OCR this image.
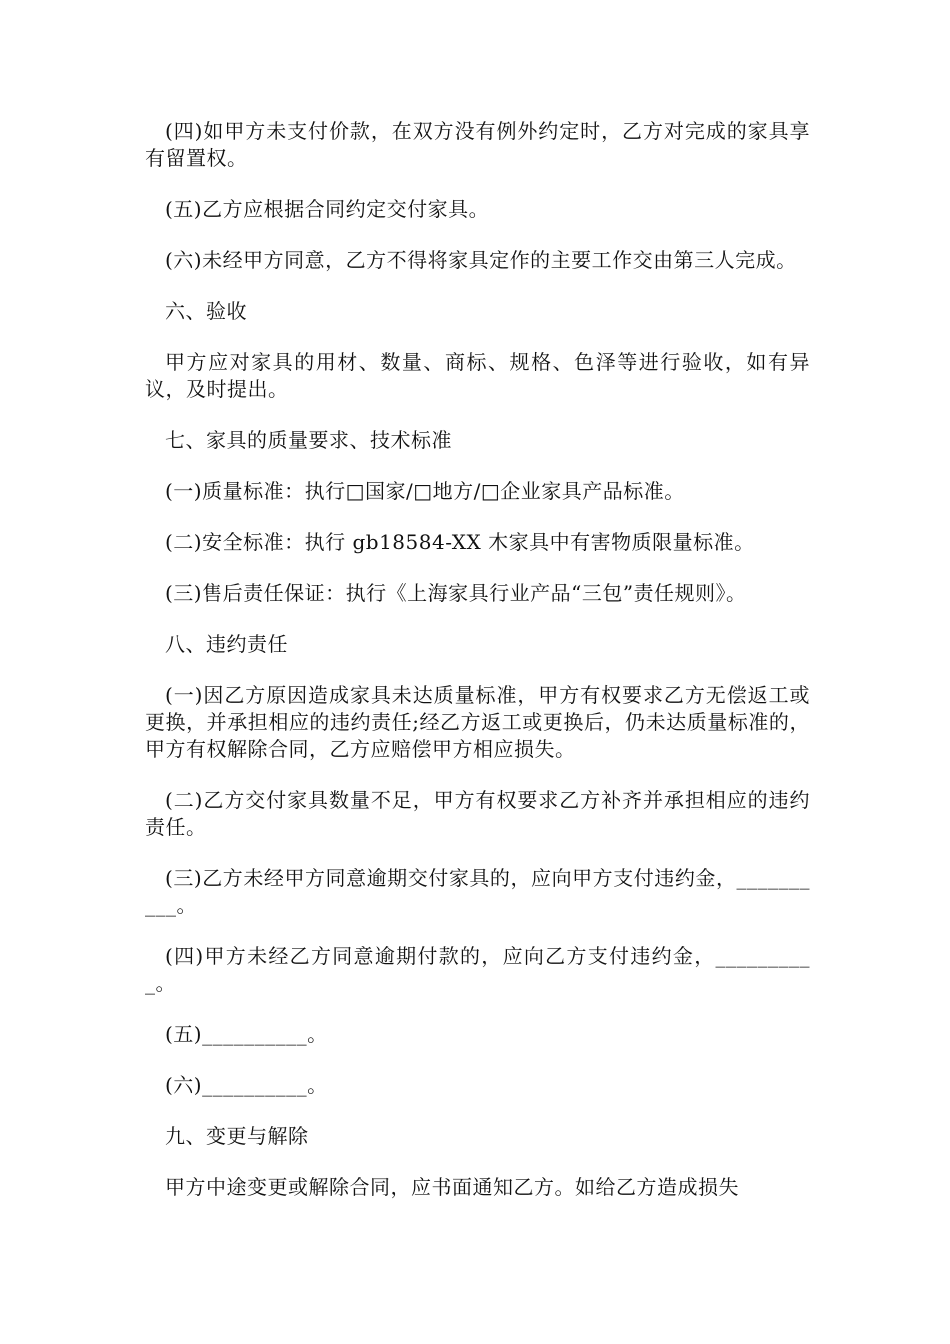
(四)如甲方未支付价款，在双方没有例外约定时，乙方对完成的家具享有留置权。

(五)乙方应根据合同约定交付家具。

(六)未经甲方同意，乙方不得将家具定作的主要工作交由第三人完成。

六、验收

甲方应对家具的用材、数量、商标、规格、色泽等进行验收，如有异议，及时提出。

七、家具的质量要求、技术标准

(一)质量标准：执行□国家/□地方/□企业家具产品标准。

(二)安全标准：执行 gb18584-XX 木家具中有害物质限量标准。

(三)售后责任保证：执行《上海家具行业产品“三包”责任规则》。

八、违约责任

(一)因乙方原因造成家具未达质量标准，甲方有权要求乙方无偿返工或更换，并承担相应的违约责任;经乙方返工或更换后，仍未达质量标准的，甲方有权解除合同，乙方应赔偿甲方相应损失。

(二)乙方交付家具数量不足，甲方有权要求乙方补齐并承担相应的违约责任。

(三)乙方未经甲方同意逾期交付家具的，应向甲方支付违约金，__________。

(四)甲方未经乙方同意逾期付款的，应向乙方支付违约金，__________。

(五)__________。

(六)__________。

九、变更与解除

甲方中途变更或解除合同，应书面通知乙方。如给乙方造成损失
